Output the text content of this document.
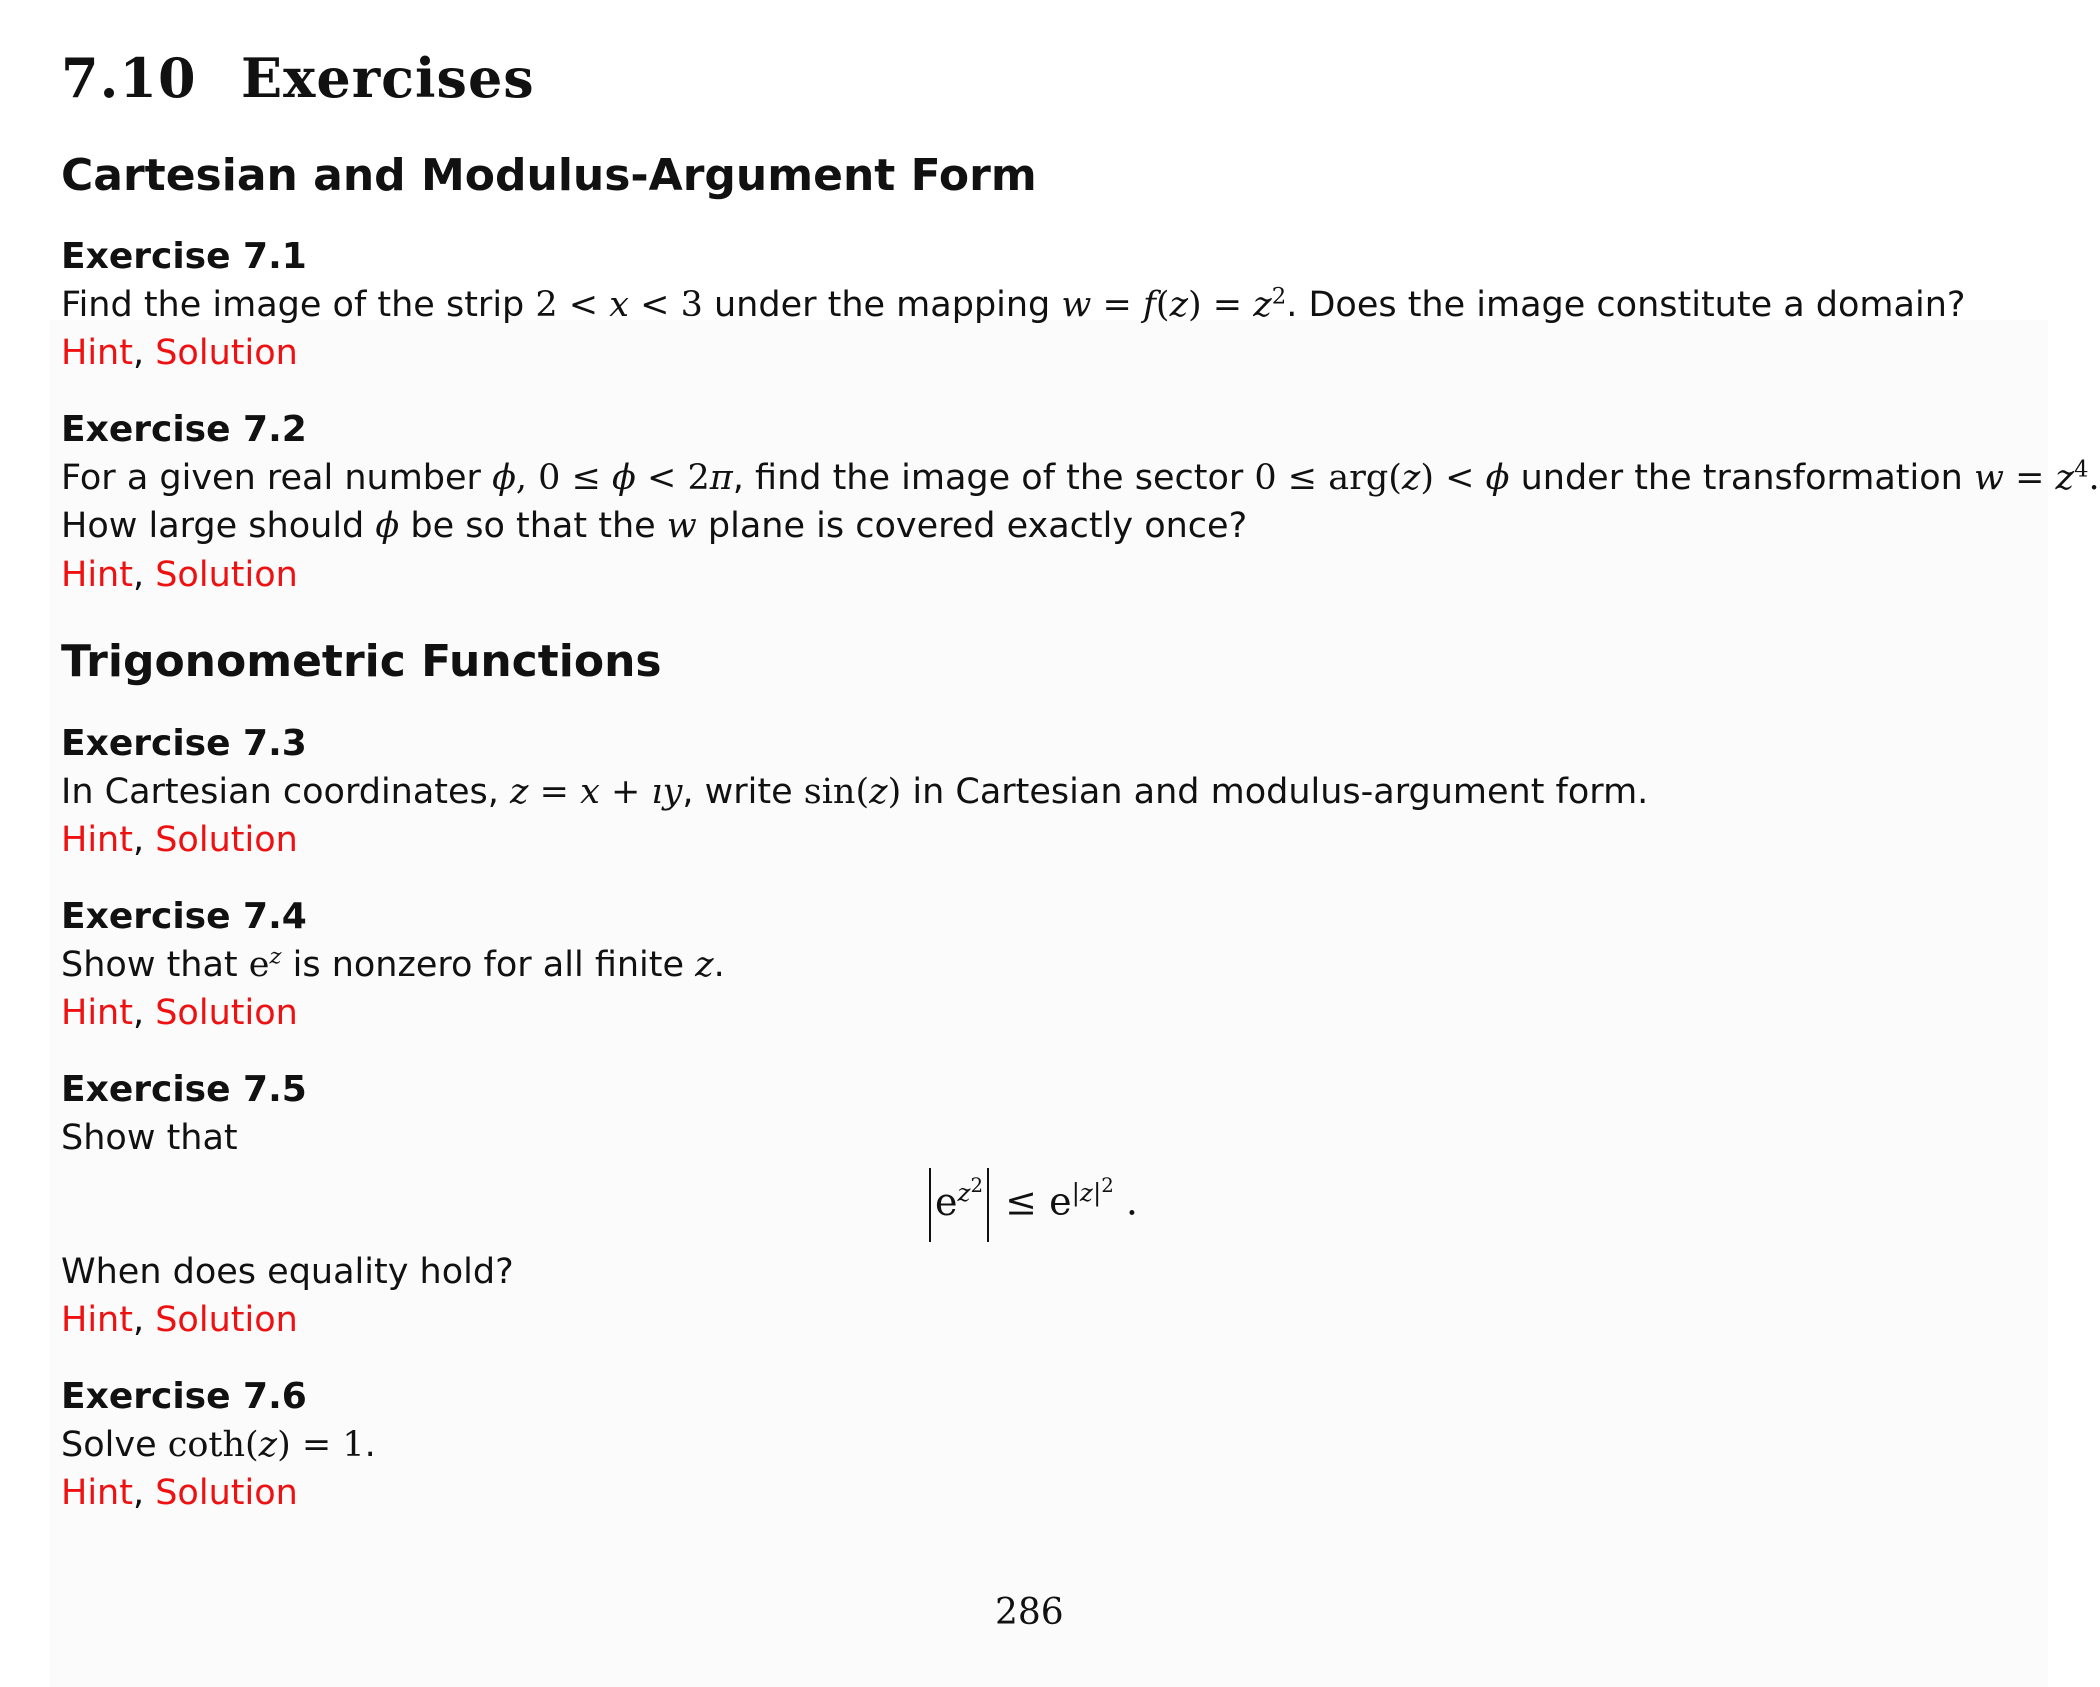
7.10 Exercises
Cartesian and Modulus-Argument Form
Exercise 7.1
Find the image of the strip 2 < x < 3 under the mapping $w = f(z) = z^2$. Does the image constitute a domain?
Hint, Solution
Exercise 7.2
For a given real number ϕ, 0 ≤ ϕ < 2π, find the image of the sector 0 ≤ arg(z) < ϕ under the transformation $w = z^4$.
How large should ϕ be so that the w plane is covered exactly once?
Hint, Solution
Trigonometric Functions
Exercise 7.3
In Cartesian coordinates, z = x + ıy, write sin(z) in Cartesian and modulus-argument form.
Hint, Solution
Exercise 7.4
Show that $e^z$ is nonzero for all finite z.
Hint, Solution
Exercise 7.5
Show that
$e^{z^2} \le e^{|z|^2}$ .
When does equality hold?
Hint, Solution
Exercise 7.6
Solve coth(z) = 1.
Hint, Solution
286
